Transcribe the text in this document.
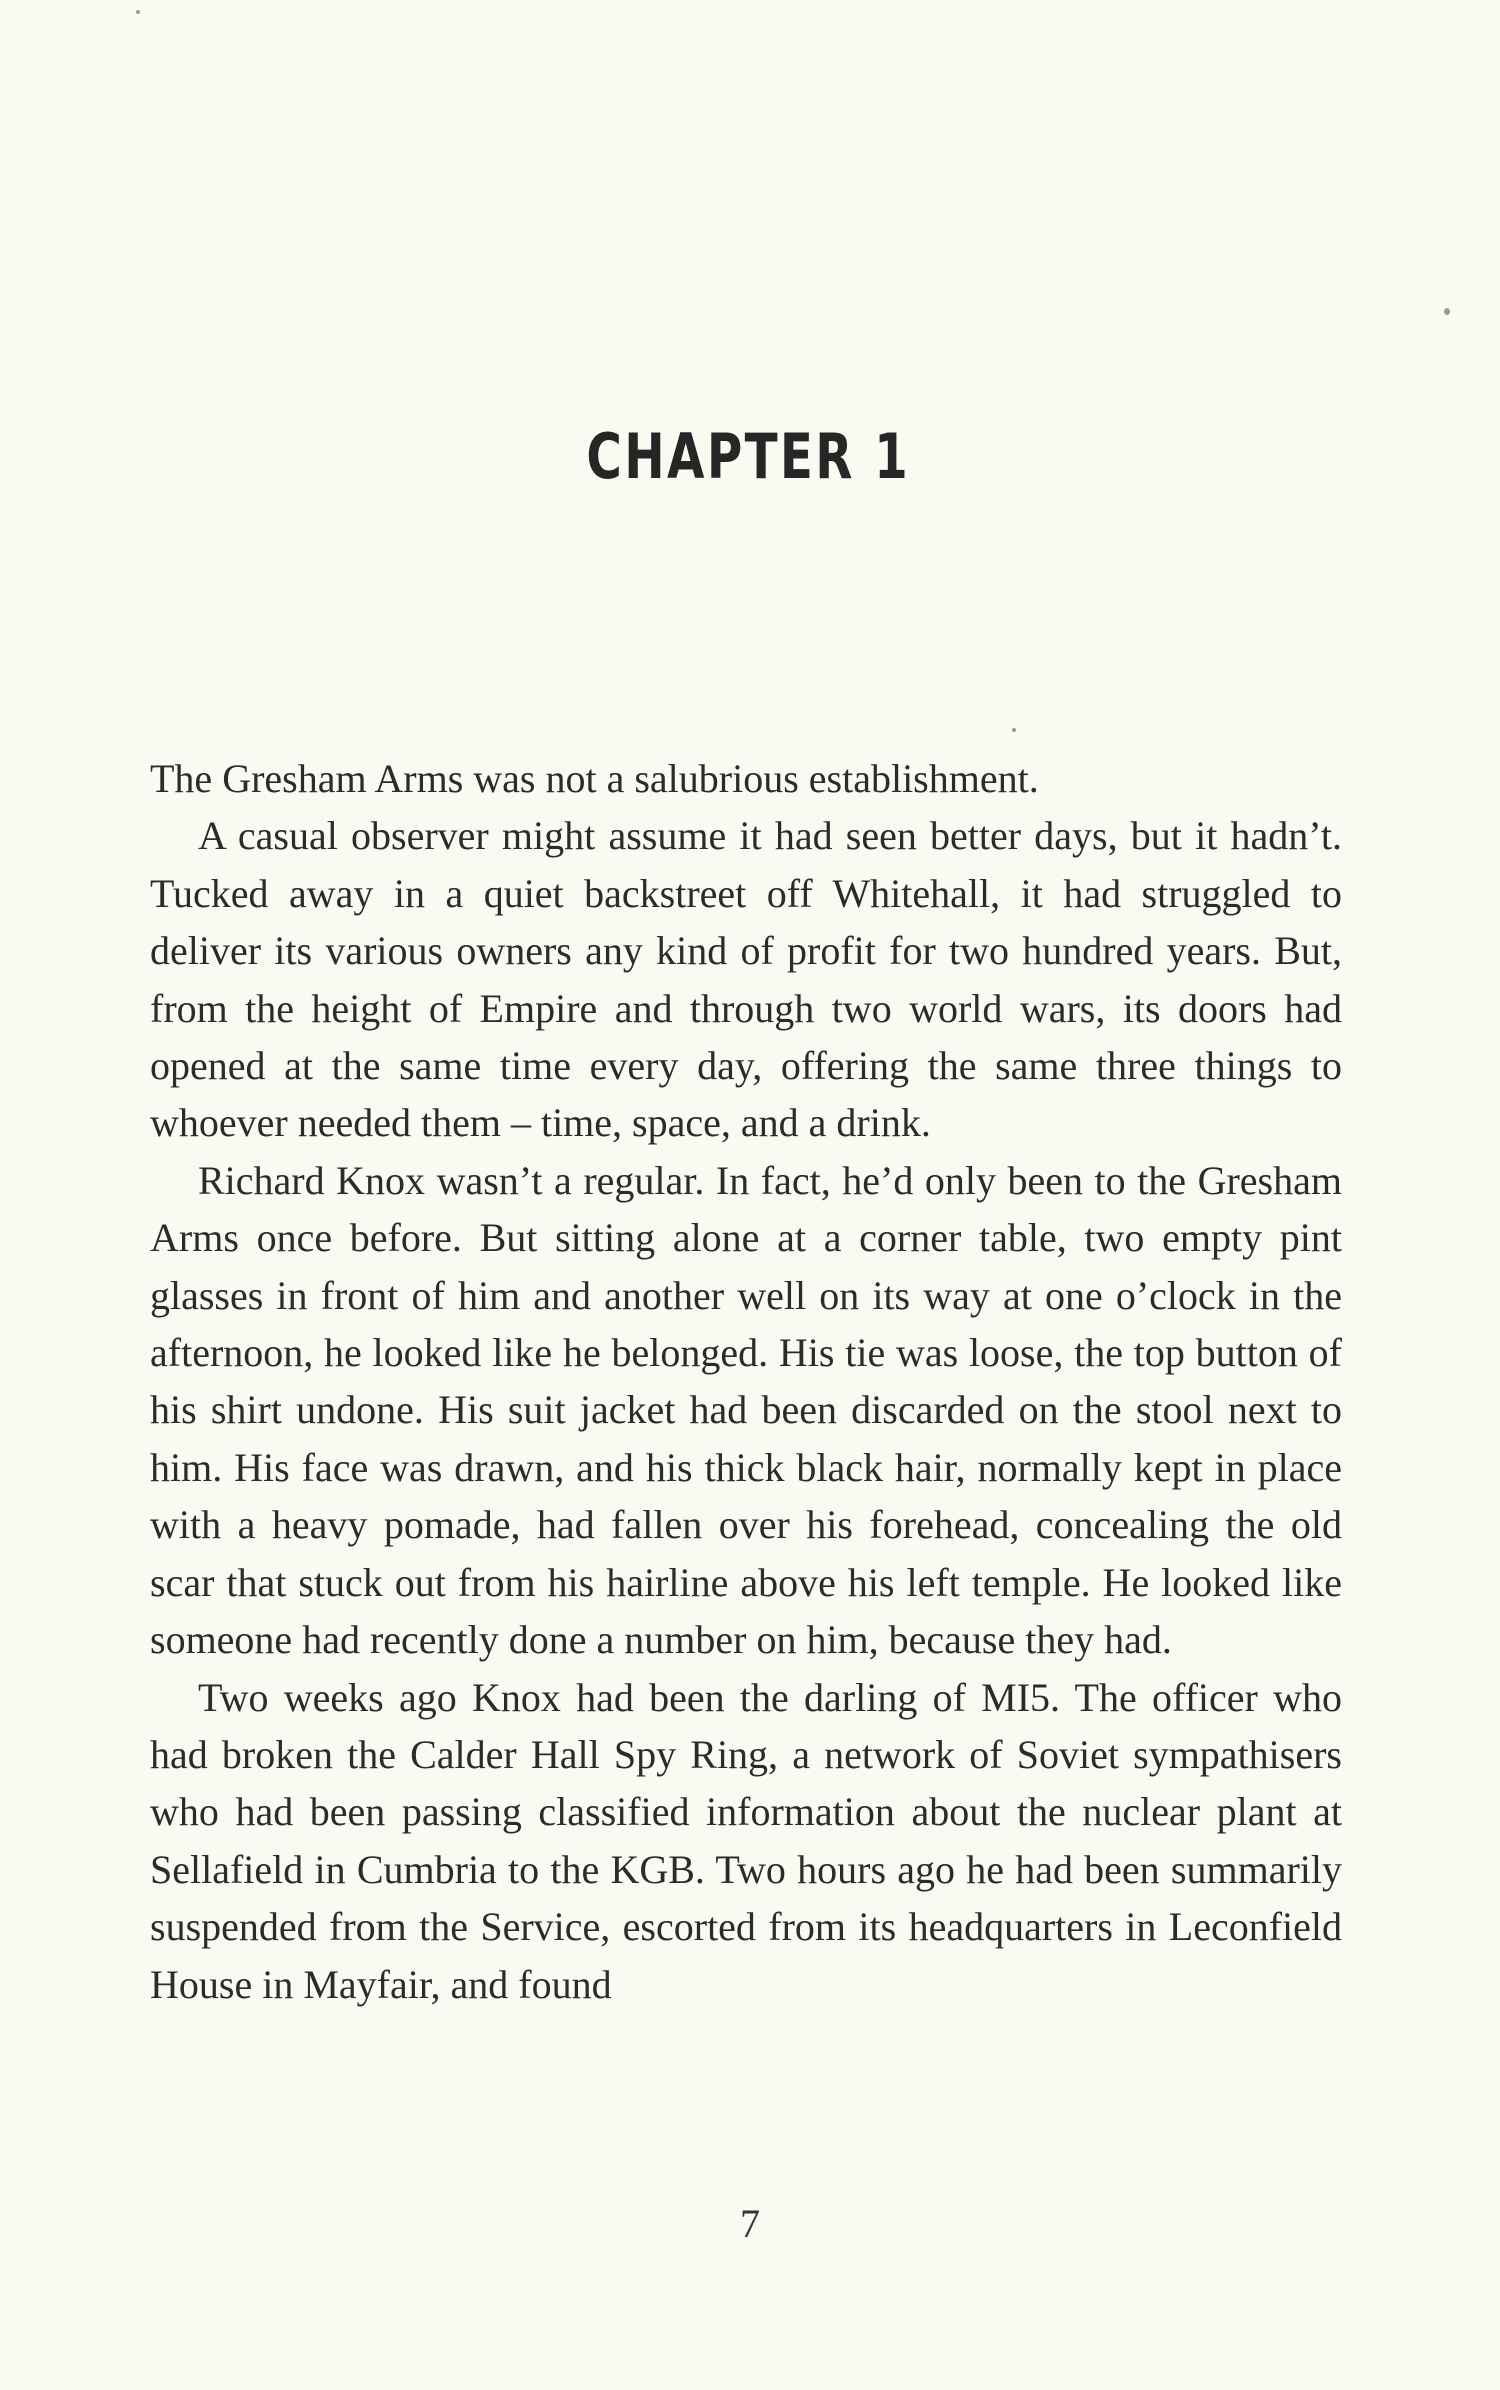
CHAPTER 1

The Gresham Arms was not a salubrious establishment.

A casual observer might assume it had seen better days, but it hadn’t. Tucked away in a quiet backstreet off Whitehall, it had struggled to deliver its various owners any kind of profit for two hundred years. But, from the height of Empire and through two world wars, its doors had opened at the same time every day, offering the same three things to whoever needed them – time, space, and a drink.

Richard Knox wasn’t a regular. In fact, he’d only been to the Gresham Arms once before. But sitting alone at a corner table, two empty pint glasses in front of him and another well on its way at one o’clock in the afternoon, he looked like he belonged. His tie was loose, the top button of his shirt undone. His suit jacket had been discarded on the stool next to him. His face was drawn, and his thick black hair, normally kept in place with a heavy pomade, had fallen over his forehead, concealing the old scar that stuck out from his hairline above his left temple. He looked like someone had recently done a number on him, because they had.

Two weeks ago Knox had been the darling of MI5. The officer who had broken the Calder Hall Spy Ring, a network of Soviet sympathisers who had been passing classified information about the nuclear plant at Sellafield in Cumbria to the KGB. Two hours ago he had been summarily suspended from the Service, escorted from its headquarters in Leconfield House in Mayfair, and found

7
